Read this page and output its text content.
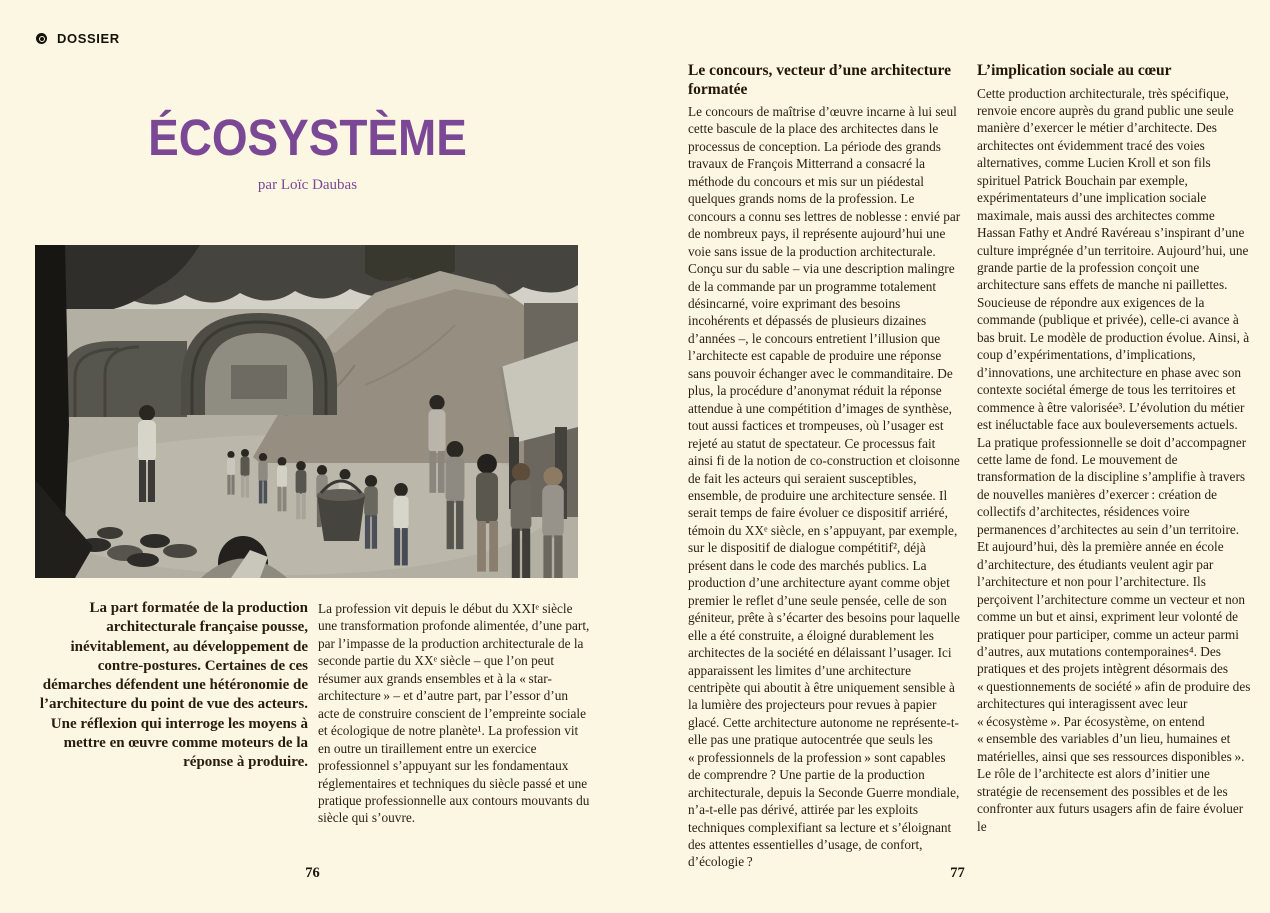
DOSSIER
ÉCOSYSTÈME
par Loïc Daubas
La part formatée de la production architecturale française pousse, inévitablement, au développement de contre-postures. Certaines de ces démarches défendent une hétéronomie de l’architecture du point de vue des acteurs. Une réflexion qui interroge les moyens à mettre en œuvre comme moteurs de la réponse à produire.
La profession vit depuis le début du XXIᵉ siècle une transformation profonde alimentée, d’une part, par l’impasse de la production architecturale de la seconde partie du XXᵉ siècle – que l’on peut résumer aux grands ensembles et à la « star-architecture » – et d’autre part, par l’essor d’un acte de construire conscient de l’empreinte sociale et écologique de notre planète¹. La profession vit en outre un tiraillement entre un exercice professionnel s’appuyant sur les fondamentaux réglementaires et techniques du siècle passé et une pratique professionnelle aux contours mouvants du siècle qui s’ouvre.
76
Le concours, vecteur d’une architecture formatée
Le concours de maîtrise d’œuvre incarne à lui seul cette bascule de la place des architectes dans le processus de conception. La période des grands travaux de François Mitterrand a consacré la méthode du concours et mis sur un piédestal quelques grands noms de la profession. Le concours a connu ses lettres de noblesse : envié par de nombreux pays, il représente aujourd’hui une voie sans issue de la production architecturale. Conçu sur du sable – via une description malingre de la commande par un programme totalement désincarné, voire exprimant des besoins incohérents et dépassés de plusieurs dizaines d’années –, le concours entretient l’illusion que l’architecte est capable de produire une réponse sans pouvoir échanger avec le commanditaire. De plus, la procédure d’anonymat réduit la réponse attendue à une compétition d’images de synthèse, tout aussi factices et trompeuses, où l’usager est rejeté au statut de spectateur. Ce processus fait ainsi fi de la notion de co-construction et cloisonne de fait les acteurs qui seraient susceptibles, ensemble, de produire une architecture sensée. Il serait temps de faire évoluer ce dispositif arriéré, témoin du XXᵉ siècle, en s’appuyant, par exemple, sur le dispositif de dialogue compétitif², déjà présent dans le code des marchés publics. La production d’une architecture ayant comme objet premier le reflet d’une seule pensée, celle de son géniteur, prête à s’écarter des besoins pour laquelle elle a été construite, a éloigné durablement les architectes de la société en délaissant l’usager. Ici apparaissent les limites d’une architecture centripète qui aboutit à être uniquement sensible à la lumière des projecteurs pour revues à papier glacé. Cette architecture autonome ne représente-t-elle pas une pratique autocentrée que seuls les « professionnels de la profession » sont capables de comprendre ? Une partie de la production architecturale, depuis la Seconde Guerre mondiale, n’a-t-elle pas dérivé, attirée par les exploits techniques complexifiant sa lecture et s’éloignant des attentes essentielles d’usage, de confort, d’écologie ?
L’implication sociale au cœur
Cette production architecturale, très spécifique, renvoie encore auprès du grand public une seule manière d’exercer le métier d’architecte. Des architectes ont évidemment tracé des voies alternatives, comme Lucien Kroll et son fils spirituel Patrick Bouchain par exemple, expérimentateurs d’une implication sociale maximale, mais aussi des architectes comme Hassan Fathy et André Ravéreau s’inspirant d’une culture imprégnée d’un territoire. Aujourd’hui, une grande partie de la profession conçoit une architecture sans effets de manche ni paillettes. Soucieuse de répondre aux exigences de la commande (publique et privée), celle-ci avance à bas bruit. Le modèle de production évolue. Ainsi, à coup d’expérimentations, d’implications, d’innovations, une architecture en phase avec son contexte sociétal émerge de tous les territoires et commence à être valorisée³. L’évolution du métier est inéluctable face aux bouleversements actuels. La pratique professionnelle se doit d’accompagner cette lame de fond. Le mouvement de transformation de la discipline s’amplifie à travers de nouvelles manières d’exercer : création de collectifs d’architectes, résidences voire permanences d’architectes au sein d’un territoire. Et aujourd’hui, dès la première année en école d’architecture, des étudiants veulent agir par l’architecture et non pour l’architecture. Ils perçoivent l’architecture comme un vecteur et non comme un but et ainsi, expriment leur volonté de pratiquer pour participer, comme un acteur parmi d’autres, aux mutations contemporaines⁴. Des pratiques et des projets intègrent désormais des « questionnements de société » afin de produire des architectures qui interagissent avec leur « écosystème ». Par écosystème, on entend « ensemble des variables d’un lieu, humaines et matérielles, ainsi que ses ressources disponibles ». Le rôle de l’architecte est alors d’initier une stratégie de recensement des possibles et de les confronter aux futurs usagers afin de faire évoluer le
77
